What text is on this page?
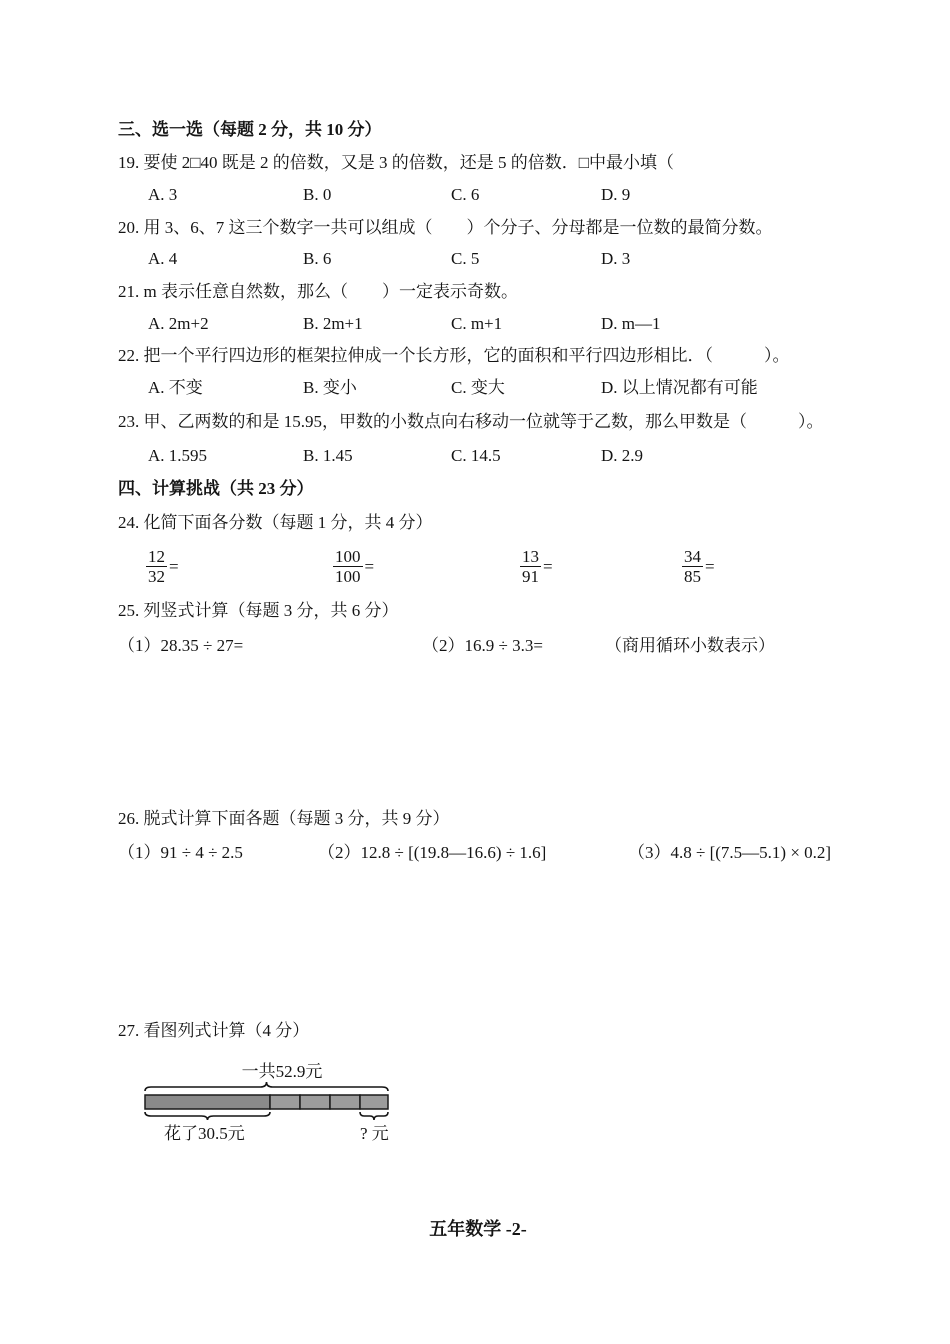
三、选一选（每题 2 分，共 10 分）
19. 要使 2□40 既是 2 的倍数，又是 3 的倍数，还是 5 的倍数．□中最小填（
A. 3	B. 0	C. 6	D. 9
20. 用 3、6、7 这三个数字一共可以组成（　　）个分子、分母都是一位数的最简分数。
A. 4	B. 6	C. 5	D. 3
21. m 表示任意自然数，那么（　　）一定表示奇数。
A. 2m+2	B. 2m+1	C. m+1	D. m—1
22. 把一个平行四边形的框架拉伸成一个长方形，它的面积和平行四边形相比．（　　　）。
A. 不变	B. 变小	C. 变大	D. 以上情况都有可能
23. 甲、乙两数的和是 15.95，甲数的小数点向右移动一位就等于乙数，那么甲数是（　　　）。
A. 1.595	B. 1.45	C. 14.5	D. 2.9
四、计算挑战（共 23 分）
24. 化简下面各分数（每题 1 分，共 4 分）
$\frac{12}{32}$ =	$\frac{100}{100}$ =	$\frac{13}{91}$ =	$\frac{34}{85}$ =
25. 列竖式计算（每题 3 分，共 6 分）
（1）28.35 ÷ 27=	（2）16.9 ÷ 3.3=	（商用循环小数表示）
26. 脱式计算下面各题（每题 3 分，共 9 分）
（1）91 ÷ 4 ÷ 2.5	（2）12.8 ÷ [(19.8—16.6) ÷ 1.6]	（3）4.8 ÷ [(7.5—5.1) × 0.2]
27. 看图列式计算（4 分）
一共52.9元
花了30.5元	? 元
五年数学 -2-
